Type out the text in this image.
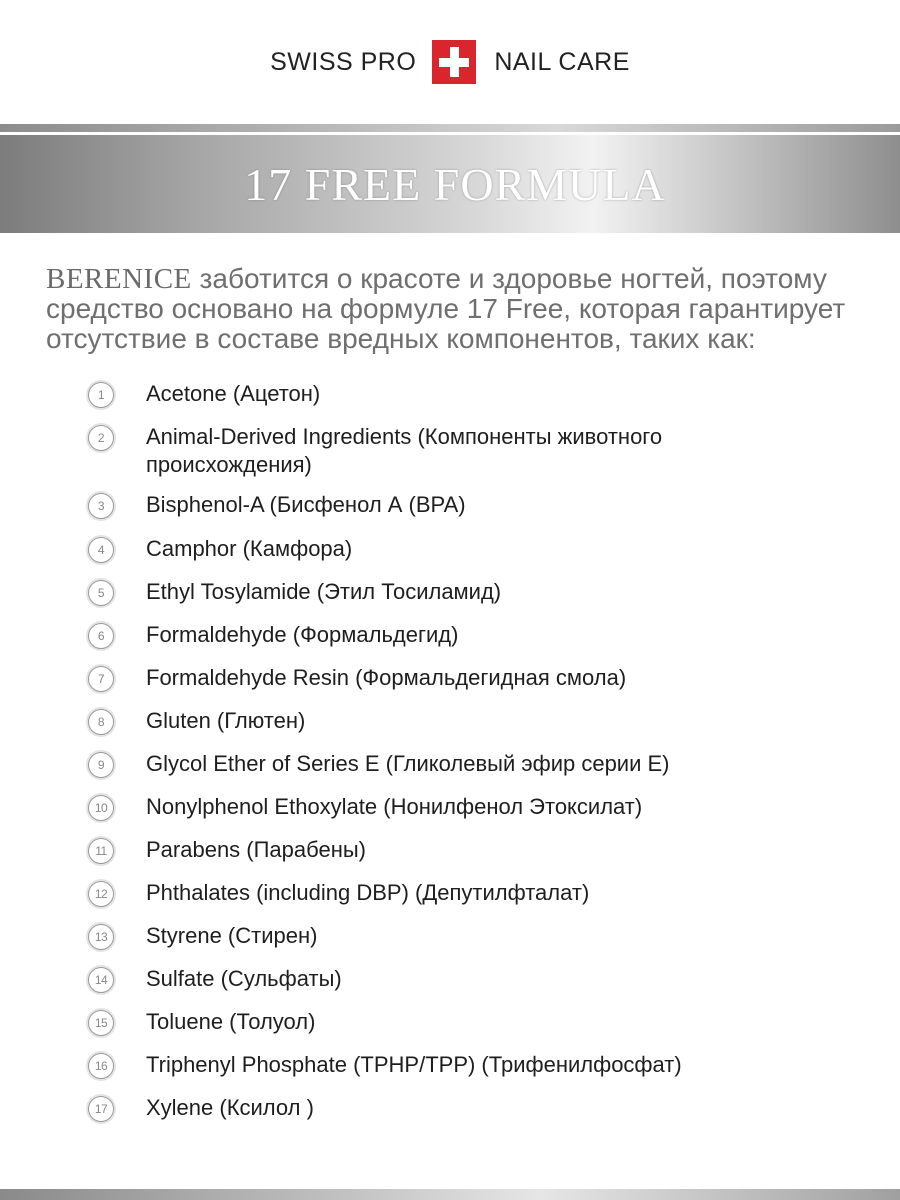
SWISS PRO	NAIL CARE
17 FREE FORMULA
BERENICE заботится о красоте и здоровье ногтей, поэтому средство основано на формуле 17 Free, которая гарантирует отсутствие в составе вредных компонентов, таких как:
1	Acetone (Ацетон)
2	Animal-Derived Ingredients (Компоненты животного происхождения)
3	Bisphenol-A (Бисфенол А (BPA)
4	Camphor (Камфора)
5	Ethyl Tosylamide (Этил Тосиламид)
6	Formaldehyde (Формальдегид)
7	Formaldehyde Resin (Формальдегидная смола)
8	Gluten (Глютен)
9	Glycol Ether of Series E (Гликолевый эфир серии Е)
10	Nonylphenol Ethoxylate (Нонилфенол Этоксилат)
11	Parabens (Парабены)
12	Phthalates (including DBP) (Депутилфталат)
13	Styrene (Стирен)
14	Sulfate (Сульфаты)
15	Toluene (Толуол)
16	Triphenyl Phosphate (TPHP/TPP) (Трифенилфосфат)
17	Xylene (Ксилол )
